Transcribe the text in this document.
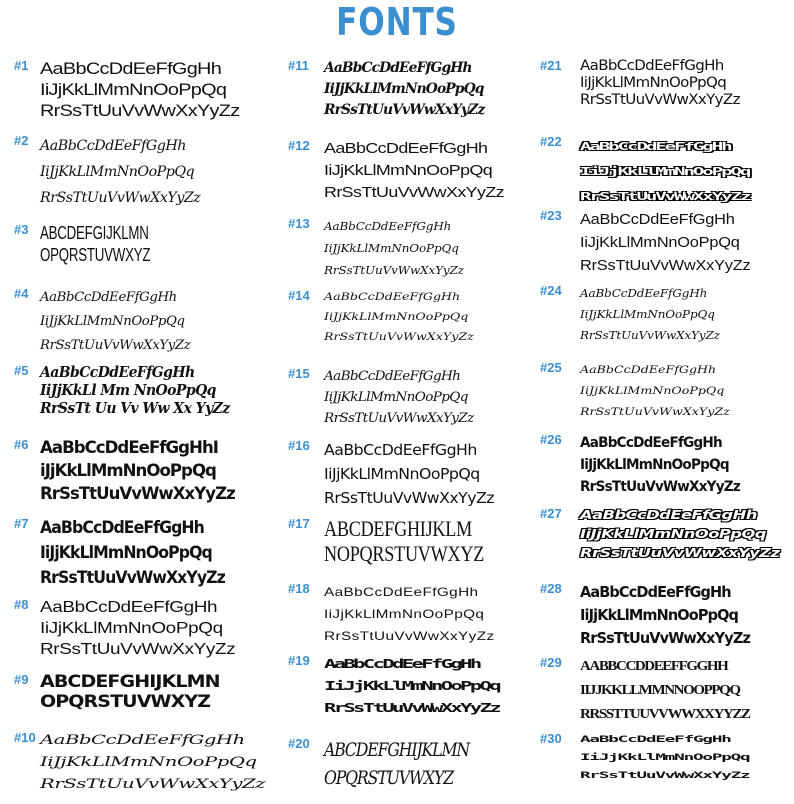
FONTS
#1 AaBbCcDdEeFfGgHh
IiJjKkLlMmNnOoPpQq
RrSsTtUuVvWwXxYyZz
#2 AaBbCcDdEeFfGgHh
IiJjKkLlMmNnOoPpQq
RrSsTtUuVvWwXxYyZz
#3 ABCDEFGIJKLMN
OPQRSTUVWXYZ
#4 AaBbCcDdEeFfGgHh
IiJjKkLlMmNnOoPpQq
RrSsTtUuVvWwXxYyZz
#5 AaBbCcDdEeFfGgHh
IiJjKkLl Mm NnOoPpQq
RrSsTt Uu Vv Ww Xx YyZz
#6 AaBbCcDdEeFfGgHhI
iJjKkLlMmNnOoPpQq
RrSsTtUuVvWwXxYyZz
#7 AaBbCcDdEeFfGgHh
IiJjKkLlMmNnOoPpQq
RrSsTtUuVvWwXxYyZz
#8 AaBbCcDdEeFfGgHh
IiJjKkLlMmNnOoPpQq
RrSsTtUuVvWwXxYyZz
#9 ABCDEFGHIJKLMN
OPQRSTUVWXYZ
#10 AaBbCcDdEeFfGgHh
IiJjKkLlMmNnOoPpQq
RrSsTtUuVvWwXxYyZz
#11 AaBbCcDdEeFfGgHh
IiJjKkLlMmNnOoPpQq
RrSsTtUuVvWwXxYyZz
#12 AaBbCcDdEeFfGgHh
IiJjKkLlMmNnOoPpQq
RrSsTtUuVvWwXxYyZz
#13 AaBbCcDdEeFfGgHh
IiJjKkLlMmNnOoPpQq
RrSsTtUuVvWwXxYyZz
#14 AaBbCcDdEeFfGgHh
IiJjKkLlMmNnOoPpQq
RrSsTtUuVvWwXxYyZz
#15 AaBbCcDdEeFfGgHh
IiJjKkLlMmNnOoPpQq
RrSsTtUuVvWwXxYyZz
#16 AaBbCcDdEeFfGgHh
IiJjKkLlMmNnOoPpQq
RrSsTtUuVvWwXxYyZz
#17 ABCDEFGHIJKLM
NOPQRSTUVWXYZ
#18 AaBbCcDdEeFfGgHh
IiJjKkLlMmNnOoPpQq
RrSsTtUuVvWwXxYyZz
#19 AaBbCcDdEeFfGgHh
IiJjKkLlMmNnOoPpQq
RrSsTtUuVvWwXxYyZz
#20 ABCDEFGHIJKLMN
OPQRSTUVWXYZ
#21 AaBbCcDdEeFfGgHh
IiJjKkLlMmNnOoPpQq
RrSsTtUuVvWwXxYyZz
#22 AaBbCcDdEeFfGgHh
IiJjKkLlMmNnOoPpQq
RrSsTtUuVvWwXxYyZz
#23 AaBbCcDdEeFfGgHh
IiJjKkLlMmNnOoPpQq
RrSsTtUuVvWwXxYyZz
#24 AaBbCcDdEeFfGgHh
IiJjKkLlMmNnOoPpQq
RrSsTtUuVvWwXxYyZz
#25 AaBbCcDdEeFfGgHh
IiJjKkLlMmNnOoPpQq
RrSsTtUuVvWwXxYyZz
#26 AaBbCcDdEeFfGgHh
IiJjKkLlMmNnOoPpQq
RrSsTtUuVvWwXxYyZz
#27 AaBbCcDdEeFfGgHh
IiJjKkLlMmNnOoPpQq
RrSsTtUuVvWwXxYyZz
#28 AaBbCcDdEeFfGgHh
IiJjKkLlMmNnOoPpQq
RrSsTtUuVvWwXxYyZz
#29 AABBCCDDEEFFGGHH
IIJJKKLLMMNNOOPPQQ
RRSSTTUUVVWWXXYYZZ
#30 AaBbCcDdEeFfGgHh
IiJjKkLlMmNnOoPpQq
RrSsTtUuVvWwXxYyZz
